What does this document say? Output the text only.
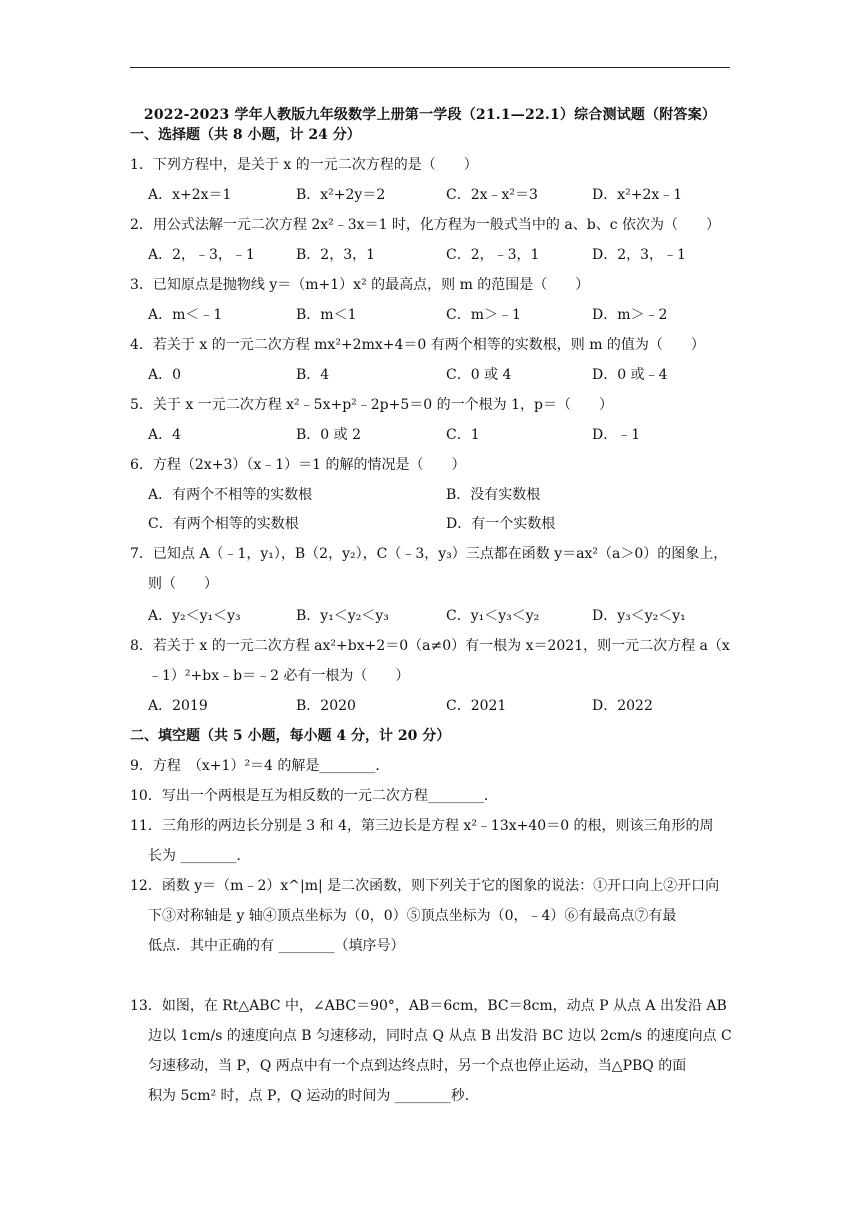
2022-2023 学年人教版九年级数学上册第一学段（21.1—22.1）综合测试题（附答案）
一、选择题（共 8 小题，计 24 分）
1．下列方程中，是关于 x 的一元二次方程的是（　　）
A．x+2x＝1	B．x²+2y＝2	C．2x﹣x²＝3	D．x²+2x﹣1
2．用公式法解一元二次方程 2x²﹣3x＝1 时，化方程为一般式当中的 a、b、c 依次为（　　）
A．2，﹣3，﹣1	B．2，3，1	C．2，﹣3，1	D．2，3，﹣1
3．已知原点是抛物线 y＝（m+1）x² 的最高点，则 m 的范围是（　　）
A．m＜﹣1	B．m＜1	C．m＞﹣1	D．m＞﹣2
4．若关于 x 的一元二次方程 mx²+2mx+4＝0 有两个相等的实数根，则 m 的值为（　　）
A．0	B．4	C．0 或 4	D．0 或﹣4
5．关于 x 一元二次方程 x²﹣5x+p²﹣2p+5＝0 的一个根为 1，p＝（　　）
A．4	B．0 或 2	C．1	D．﹣1
6．方程（2x+3）（x﹣1）＝1 的解的情况是（　　）
A．有两个不相等的实数根	B．没有实数根
C．有两个相等的实数根	D．有一个实数根
7．已知点 A（﹣1，y₁），B（2，y₂），C（﹣3，y₃）三点都在函数 y＝ax²（a＞0）的图象上，
则（　　）
A．y₂＜y₁＜y₃	B．y₁＜y₂＜y₃	C．y₁＜y₃＜y₂	D．y₃＜y₂＜y₁
8．若关于 x 的一元二次方程 ax²+bx+2＝0（a≠0）有一根为 x＝2021，则一元二次方程 a（x
﹣1）²+bx﹣b＝﹣2 必有一根为（　　）
A．2019	B．2020	C．2021	D．2022
二、填空题（共 5 小题，每小题 4 分，计 20 分）
9．方程　（x+1）²＝4 的解是________．
10．写出一个两根是互为相反数的一元二次方程________．
11．三角形的两边长分别是 3 和 4，第三边长是方程 x²﹣13x+40＝0 的根，则该三角形的周
长为 ________．
12．函数 y＝（m﹣2）x^|m| 是二次函数，则下列关于它的图象的说法：①开口向上②开口向
下③对称轴是 y 轴④顶点坐标为（0，0）⑤顶点坐标为（0，﹣4）⑥有最高点⑦有最
低点．其中正确的有 ________（填序号）
13．如图，在 Rt△ABC 中，∠ABC＝90°，AB＝6cm，BC＝8cm，动点 P 从点 A 出发沿 AB
边以 1cm/s 的速度向点 B 匀速移动，同时点 Q 从点 B 出发沿 BC 边以 2cm/s 的速度向点 C
匀速移动，当 P，Q 两点中有一个点到达终点时，另一个点也停止运动，当△PBQ 的面
积为 5cm² 时，点 P，Q 运动的时间为 ________秒．
